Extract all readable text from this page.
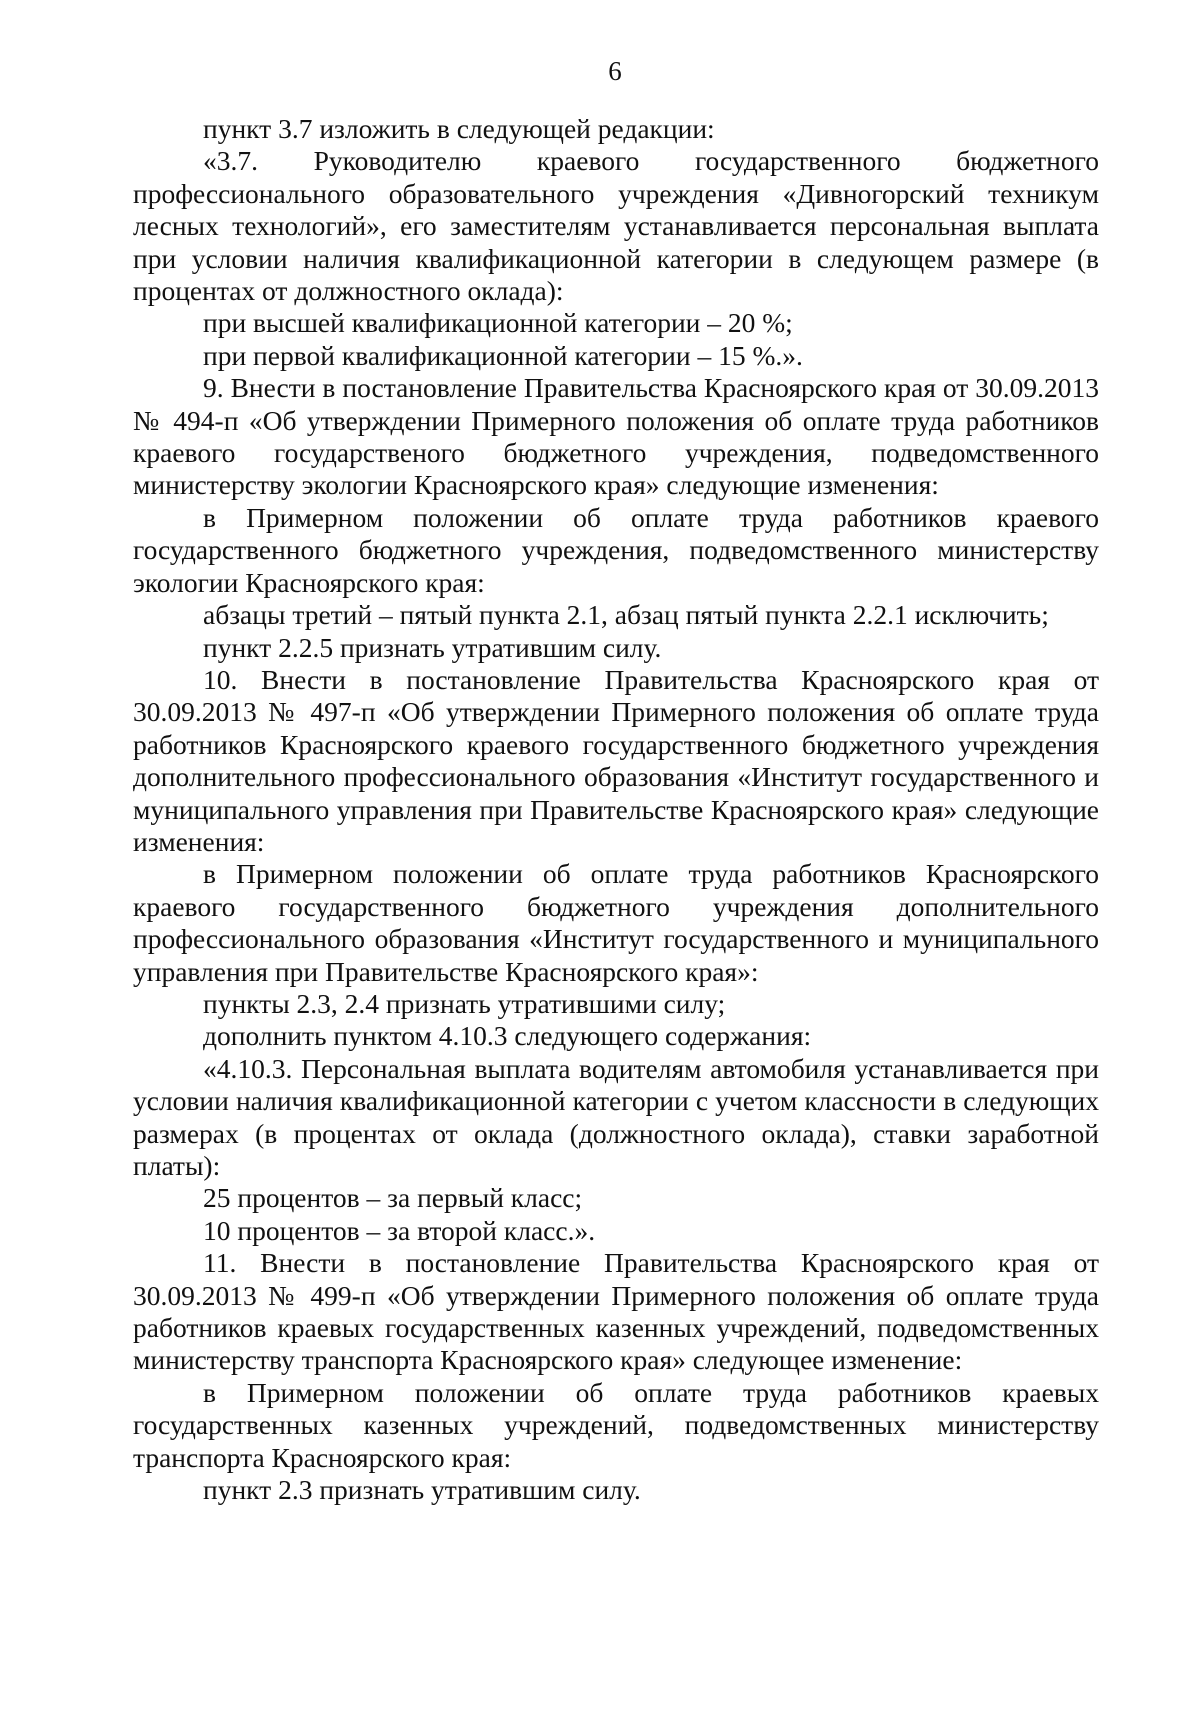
6

пункт 3.7 изложить в следующей редакции:

«3.7. Руководителю краевого государственного бюджетного профессионального образовательного учреждения «Дивногорский техникум лесных технологий», его заместителям устанавливается персональная выплата при условии наличия квалификационной категории в следующем размере (в процентах от должностного оклада):

при высшей квалификационной категории – 20 %;

при первой квалификационной категории – 15 %.».

9. Внести в постановление Правительства Красноярского края от 30.09.2013 № 494-п «Об утверждении Примерного положения об оплате труда работников краевого государственого бюджетного учреждения, подведомственного министерству экологии Красноярского края» следующие изменения:

в Примерном положении об оплате труда работников краевого государственного бюджетного учреждения, подведомственного министерству экологии Красноярского края:

абзацы третий – пятый пункта 2.1, абзац пятый пункта 2.2.1 исключить;

пункт 2.2.5 признать утратившим силу.

10. Внести в постановление Правительства Красноярского края от 30.09.2013 № 497-п «Об утверждении Примерного положения об оплате труда работников Красноярского краевого государственного бюджетного учреждения дополнительного профессионального образования «Институт государственного и муниципального управления при Правительстве Красноярского края» следующие изменения:

в Примерном положении об оплате труда работников Красноярского краевого государственного бюджетного учреждения дополнительного профессионального образования «Институт государственного и муниципального управления при Правительстве Красноярского края»:

пункты 2.3, 2.4 признать утратившими силу;

дополнить пунктом 4.10.3 следующего содержания:

«4.10.3. Персональная выплата водителям автомобиля устанавливается при условии наличия квалификационной категории с учетом классности в следующих размерах (в процентах от оклада (должностного оклада), ставки заработной платы):

25 процентов – за первый класс;

10 процентов – за второй класс.».

11. Внести в постановление Правительства Красноярского края от 30.09.2013 № 499-п «Об утверждении Примерного положения об оплате труда работников краевых государственных казенных учреждений, подведомственных министерству транспорта Красноярского края» следующее изменение:

в Примерном положении об оплате труда работников краевых государственных казенных учреждений, подведомственных министерству транспорта Красноярского края:

пункт 2.3 признать утратившим силу.
